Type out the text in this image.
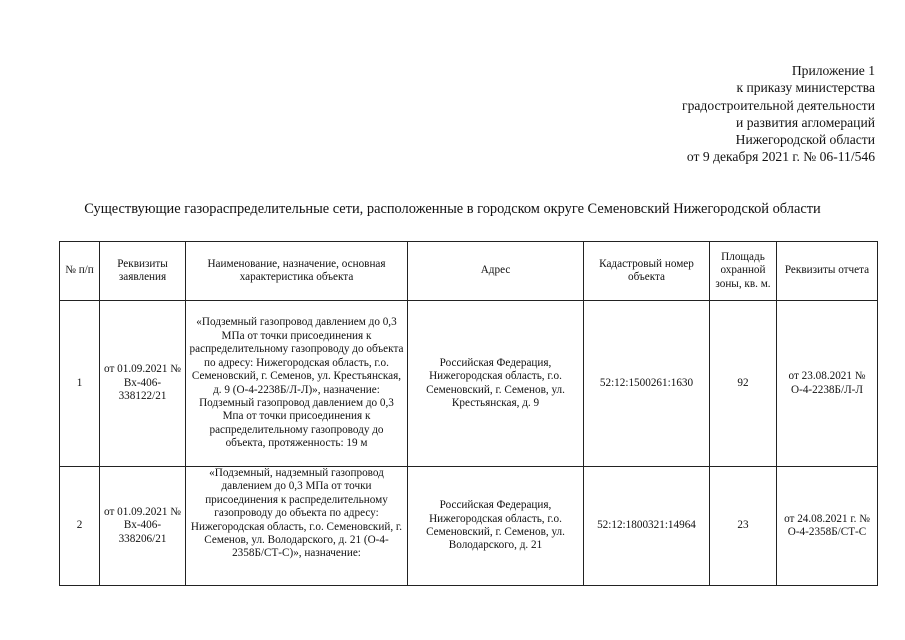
Приложение 1
к приказу министерства
градостроительной деятельности
и развития агломераций
Нижегородской области
от 9 декабря 2021 г. № 06-11/546
Существующие газораспределительные сети, расположенные в городском округе Семеновский Нижегородской области
№ п/п	Реквизиты заявления	Наименование, назначение, основная характеристика объекта	Адрес	Кадастровый номер объекта	Площадь охранной зоны, кв. м.	Реквизиты отчета
1	от 01.09.2021 № Вх-406-338122/21	«Подземный газопровод давлением до 0,3 МПа от точки присоединения к распределительному газопроводу до объекта по адресу: Нижегородская область, г.о. Семеновский, г. Семенов, ул. Крестьянская, д. 9 (О-4-2238Б/Л-Л)», назначение: Подземный газопровод давлением до 0,3 Мпа от точки присоединения к распределительному газопроводу до объекта, протяженность: 19 м	Российская Федерация, Нижегородская область, г.о. Семеновский, г. Семенов, ул. Крестьянская, д. 9	52:12:1500261:1630	92	от 23.08.2021 № О-4-2238Б/Л-Л
2	от 01.09.2021 № Вх-406-338206/21	«Подземный, надземный газопровод давлением до 0,3 МПа от точки присоединения к распределительному газопроводу до объекта по адресу: Нижегородская область, г.о. Семеновский, г. Семенов, ул. Володарского, д. 21 (О-4-2358Б/СТ-С)», назначение:	Российская Федерация, Нижегородская область, г.о. Семеновский, г. Семенов, ул. Володарского, д. 21	52:12:1800321:14964	23	от 24.08.2021 г. № О-4-2358Б/СТ-С
